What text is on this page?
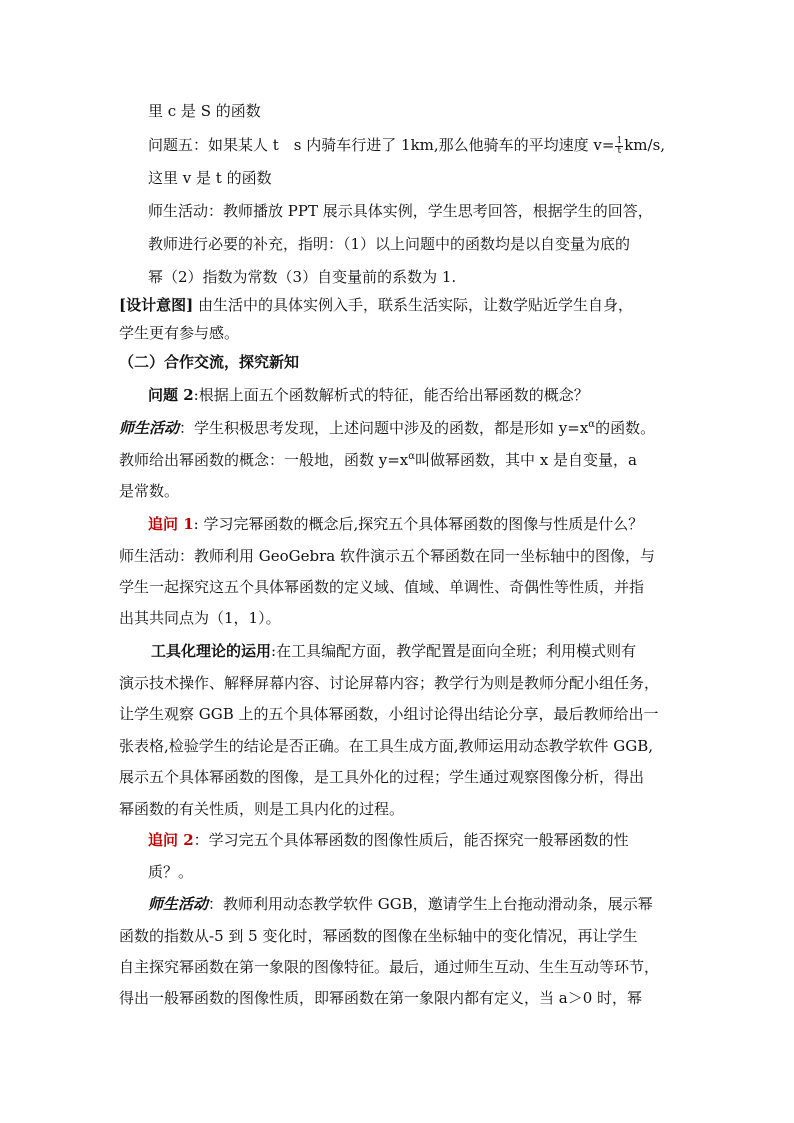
里 c 是 S 的函数
问题五：如果某人 t　s 内骑车行进了 1km,那么他骑车的平均速度 $v= \frac{1}{t} km/s$,
这里 v 是 t 的函数
师生活动：教师播放 PPT 展示具体实例，学生思考回答，根据学生的回答，
教师进行必要的补充，指明：（1）以上问题中的函数均是以自变量为底的
幂（2）指数为常数（3）自变量前的系数为 1.
[设计意图] 由生活中的具体实例入手，联系生活实际，让数学贴近学生自身，
学生更有参与感。
（二）合作交流，探究新知
问题 2:根据上面五个函数解析式的特征，能否给出幂函数的概念？
师生活动：学生积极思考发现，上述问题中涉及的函数，都是形如 $y=x^\alpha$的函数。
教师给出幂函数的概念：一般地，函数 $y=x^\alpha$叫做幂函数，其中 x 是自变量，a
是常数。
追问 1: 学习完幂函数的概念后,探究五个具体幂函数的图像与性质是什么？
师生活动：教师利用 GeoGebra 软件演示五个幂函数在同一坐标轴中的图像，与
学生一起探究这五个具体幂函数的定义域、值域、单调性、奇偶性等性质，并指
出其共同点为（1，1）。
工具化理论的运用:在工具编配方面，教学配置是面向全班；利用模式则有
演示技术操作、解释屏幕内容、讨论屏幕内容；教学行为则是教师分配小组任务，
让学生观察 GGB 上的五个具体幂函数，小组讨论得出结论分享，最后教师给出一
张表格,检验学生的结论是否正确。在工具生成方面,教师运用动态教学软件 GGB,
展示五个具体幂函数的图像，是工具外化的过程；学生通过观察图像分析，得出
幂函数的有关性质，则是工具内化的过程。
追问 2：学习完五个具体幂函数的图像性质后，能否探究一般幂函数的性
质？。
师生活动：教师利用动态教学软件 GGB，邀请学生上台拖动滑动条，展示幂
函数的指数从-5 到 5 变化时，幂函数的图像在坐标轴中的变化情况，再让学生
自主探究幂函数在第一象限的图像特征。最后，通过师生互动、生生互动等环节，
得出一般幂函数的图像性质，即幂函数在第一象限内都有定义，当 a＞0 时，幂
